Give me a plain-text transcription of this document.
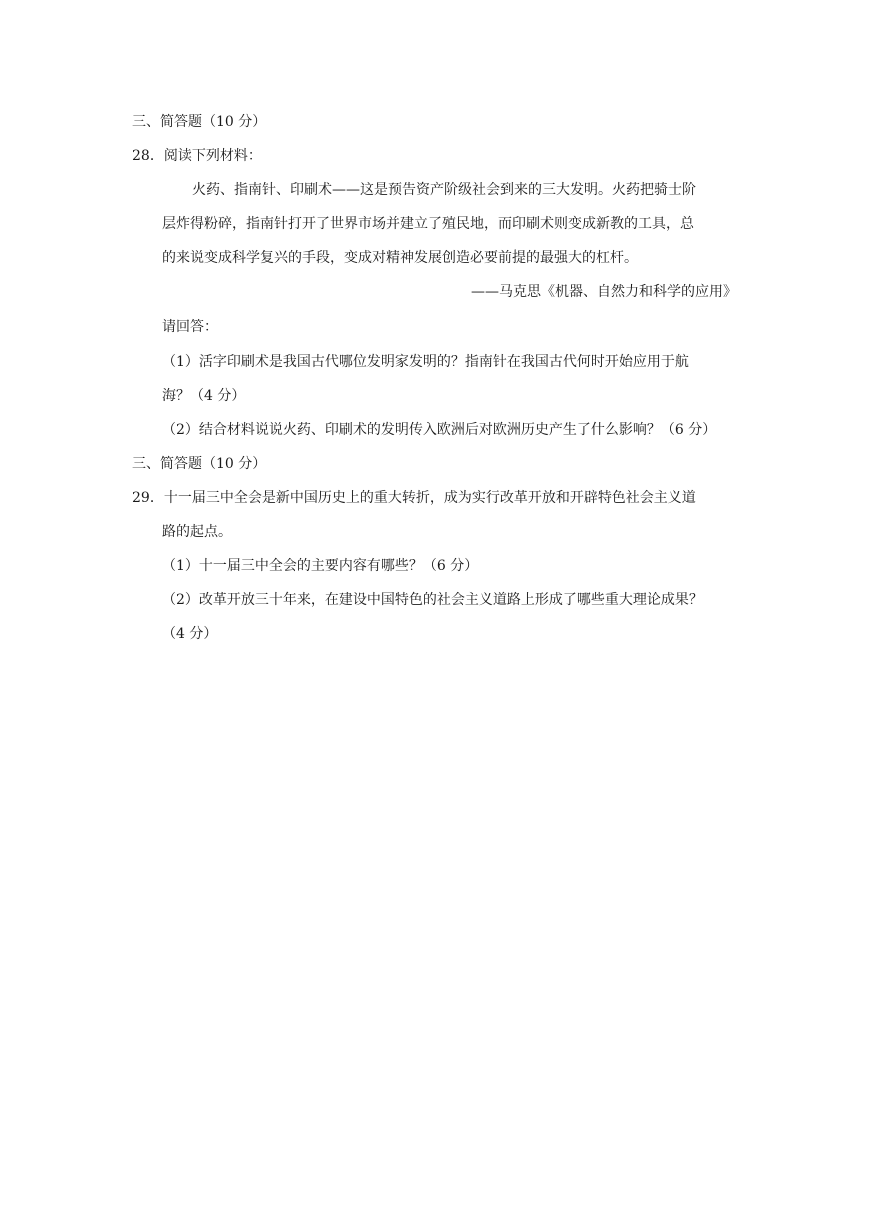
三、简答题（10 分）
28．阅读下列材料：
火药、指南针、印刷术——这是预告资产阶级社会到来的三大发明。火药把骑士阶
层炸得粉碎，指南针打开了世界市场并建立了殖民地，而印刷术则变成新教的工具，总
的来说变成科学复兴的手段，变成对精神发展创造必要前提的最强大的杠杆。
——马克思《机器、自然力和科学的应用》
请回答：
（1）活字印刷术是我国古代哪位发明家发明的？指南针在我国古代何时开始应用于航
海？（4 分）
（2）结合材料说说火药、印刷术的发明传入欧洲后对欧洲历史产生了什么影响？（6 分）
三、简答题（10 分）
29．十一届三中全会是新中国历史上的重大转折，成为实行改革开放和开辟特色社会主义道
路的起点。
（1）十一届三中全会的主要内容有哪些？（6 分）
（2）改革开放三十年来，在建设中国特色的社会主义道路上形成了哪些重大理论成果？
（4 分）
